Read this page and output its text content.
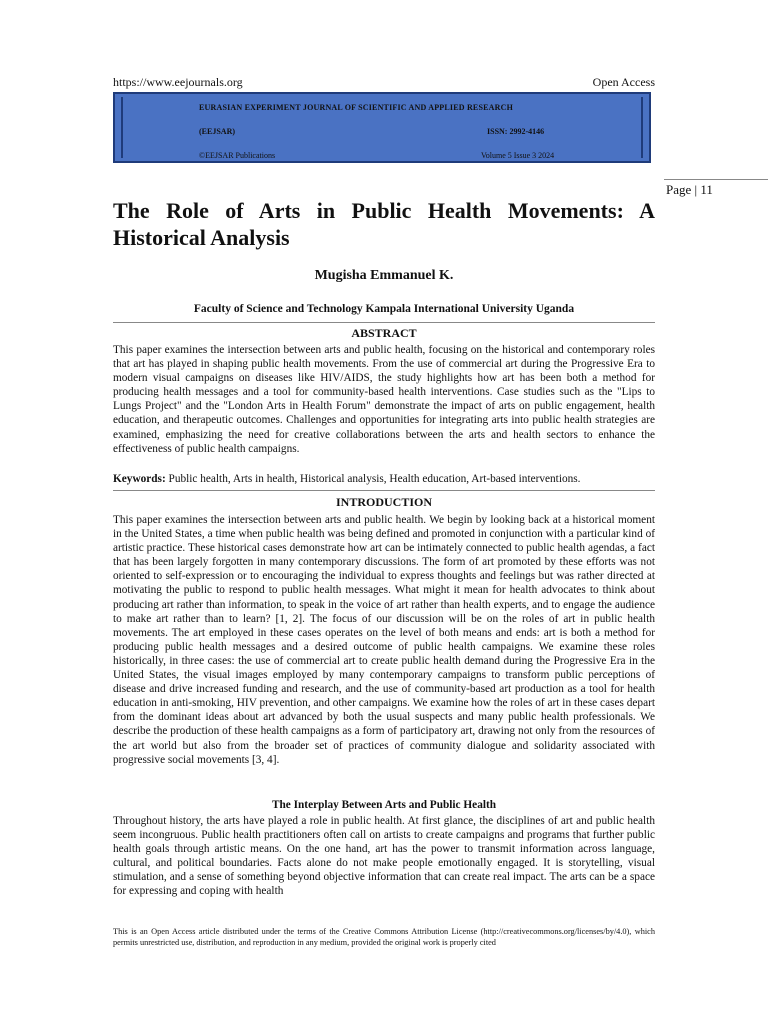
https://www.eejournals.org	Open Access
EURASIAN EXPERIMENT JOURNAL OF SCIENTIFIC AND APPLIED RESEARCH
(EEJSAR)	ISSN: 2992-4146
©EEJSAR Publications	Volume 5 Issue 3 2024
Page | 11
The Role of Arts in Public Health Movements: A Historical Analysis
Mugisha Emmanuel K.
Faculty of Science and Technology Kampala International University Uganda
ABSTRACT

This paper examines the intersection between arts and public health, focusing on the historical and contemporary roles that art has played in shaping public health movements. From the use of commercial art during the Progressive Era to modern visual campaigns on diseases like HIV/AIDS, the study highlights how art has been both a method for producing health messages and a tool for community-based health interventions. Case studies such as the "Lips to Lungs Project" and the "London Arts in Health Forum" demonstrate the impact of arts on public engagement, health education, and therapeutic outcomes. Challenges and opportunities for integrating arts into public health strategies are examined, emphasizing the need for creative collaborations between the arts and health sectors to enhance the effectiveness of public health campaigns.

Keywords: Public health, Arts in health, Historical analysis, Health education, Art-based interventions.

INTRODUCTION

This paper examines the intersection between arts and public health. We begin by looking back at a historical moment in the United States, a time when public health was being defined and promoted in conjunction with a particular kind of artistic practice. These historical cases demonstrate how art can be intimately connected to public health agendas, a fact that has been largely forgotten in many contemporary discussions. The form of art promoted by these efforts was not oriented to self-expression or to encouraging the individual to express thoughts and feelings but was rather directed at motivating the public to respond to public health messages. What might it mean for health advocates to think about producing art rather than information, to speak in the voice of art rather than health experts, and to engage the audience to make art rather than to learn? [1, 2]. The focus of our discussion will be on the roles of art in public health movements. The art employed in these cases operates on the level of both means and ends: art is both a method for producing public health messages and a desired outcome of public health campaigns. We examine these roles historically, in three cases: the use of commercial art to create public health demand during the Progressive Era in the United States, the visual images employed by many contemporary campaigns to transform public perceptions of disease and drive increased funding and research, and the use of community-based art production as a tool for health education in anti-smoking, HIV prevention, and other campaigns. We examine how the roles of art in these cases depart from the dominant ideas about art advanced by both the usual suspects and many public health professionals. We describe the production of these health campaigns as a form of participatory art, drawing not only from the resources of the art world but also from the broader set of practices of community dialogue and solidarity associated with progressive social movements [3, 4].

The Interplay Between Arts and Public Health

Throughout history, the arts have played a role in public health. At first glance, the disciplines of art and public health seem incongruous. Public health practitioners often call on artists to create campaigns and programs that further public health goals through artistic means. On the one hand, art has the power to transmit information across language, cultural, and political boundaries. Facts alone do not make people emotionally engaged. It is storytelling, visual stimulation, and a sense of something beyond objective information that can create real impact. The arts can be a space for expressing and coping with health

This is an Open Access article distributed under the terms of the Creative Commons Attribution License (http://creativecommons.org/licenses/by/4.0), which permits unrestricted use, distribution, and reproduction in any medium, provided the original work is properly cited
